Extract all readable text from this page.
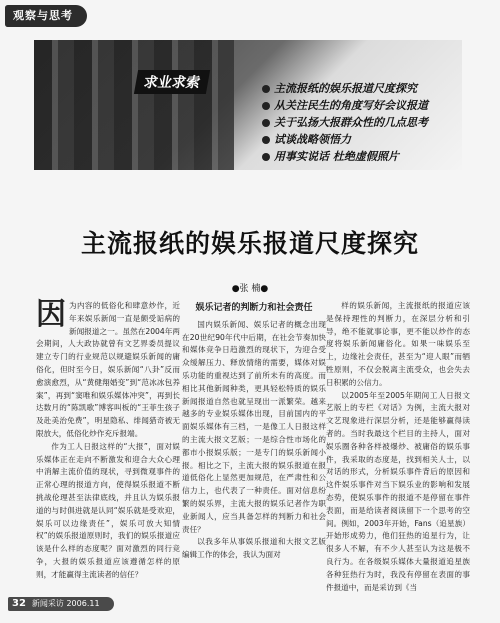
观察与思考
求业求索	主流报纸的娱乐报道尺度探究
从关注民生的角度写好会议报道
关于弘扬大报群众性的几点思考
试谈战略领悟力
用事实说话 杜绝虚假照片
主流报纸的娱乐报道尺度探究
●张 楠●

因为内容的低俗化和肆意炒作，近年来娱乐新闻一直是颇受诟病的新闻报道之一。虽然在2004年两会期间，人大政协就曾有文艺界委员提议建立专门的行业规范以规避娱乐新闻的庸俗化，但时至今日，娱乐新闻“八卦”反而愈演愈烈，从“黄健翔婚变”到“范冰冰包养案”，再到“窦唯和娱乐媒体冲突”，再到长达数月的“陈凯歌”博客叫板的“王菲生孩子及赴美治免费”，明星隐私、绯闻猎奇被无限放大，低俗化炒作充斥报端。

作为工人日报这样的“大报”，面对娱乐媒体正在走向不断激发和迎合大众心理中消解主流价值的现状，寻到微观事件的正常心理的报道方向，使得娱乐报道不断挑战伦理甚至法律底线，并且认为娱乐报道的与时俱进就是认同“娱乐就是受欢迎，娱乐可以边缘责任”，娱乐可放大知情权”的娱乐报道原则时，我们的娱乐报道应该是什么样的态度呢？面对激烈的同行竞争，大报的娱乐报道应该遵循怎样的原则，才能赢得主流读者的信任？

娱乐记者的判断力和社会责任

国内娱乐新闻、娱乐记者的概念出现在20世纪90年代中后期，在社会节奏加快和媒体竞争日趋激烈的现状下，为迎合受众缓解压力、释放情绪的需要，媒体对娱乐功能的重视达到了前所未有的高度。而相比其他新闻种类，更具轻松特质的娱乐新闻报道自然也就呈现出一派繁荣。越来越多的专业娱乐媒体出现，目前国内的平面娱乐媒体有三档，一是像工人日报这样的主流大报文艺版；一是综合性市场化的都市小报娱乐版；一是专门的娱乐新闻小报。相比之下，主流大报的娱乐报道在报道低俗化上显然更加规范，在严肃性和公信力上，也代表了一种责任。面对信息纷繁的娱乐界，主流大报的娱乐记者作为职业新闻人，应当具备怎样的判断力和社会责任？

以我多年从事娱乐报道和大报文艺版编辑工作的体会，我认为面对

样的娱乐新闻，主流报纸的报道应该是保持理性的判断力，在深层分析和引导，绝不能就事论事，更不能以炒作的态度将娱乐新闻庸俗化。如果一味娱乐至上，边缘社会责任，甚至为“迎人眼”而牺牲原则，不仅会脱离主流受众，也会失去日积累的公信力。

以2005年至2005年期间工人日报文艺版上的专栏《对话》为例，主流大报对文艺现象进行深层分析，还是能够赢得读者的。当时我最这个栏目的主持人，面对娱乐圈各种各样被爆炒、被庸俗的娱乐事件，我采取的态度是，找到相关人士，以对话的形式，分析娱乐事件背后的原因和这件娱乐事件对当下娱乐业的影响和发展态势，使娱乐事件的报道不是停留在事件表面，而是给读者阅读留下一个思考的空间。例如，2003年开始，Fans（追星族）开始形成势力，他们狂热的追星行为，让很多人不解，有不少人甚至认为这是极不良行为。在各级娱乐媒体大量报道追星族各种狂热行为时，我没有停留在表面的事件报道中，而是采访到《当

32 新闻采访 2006.11
